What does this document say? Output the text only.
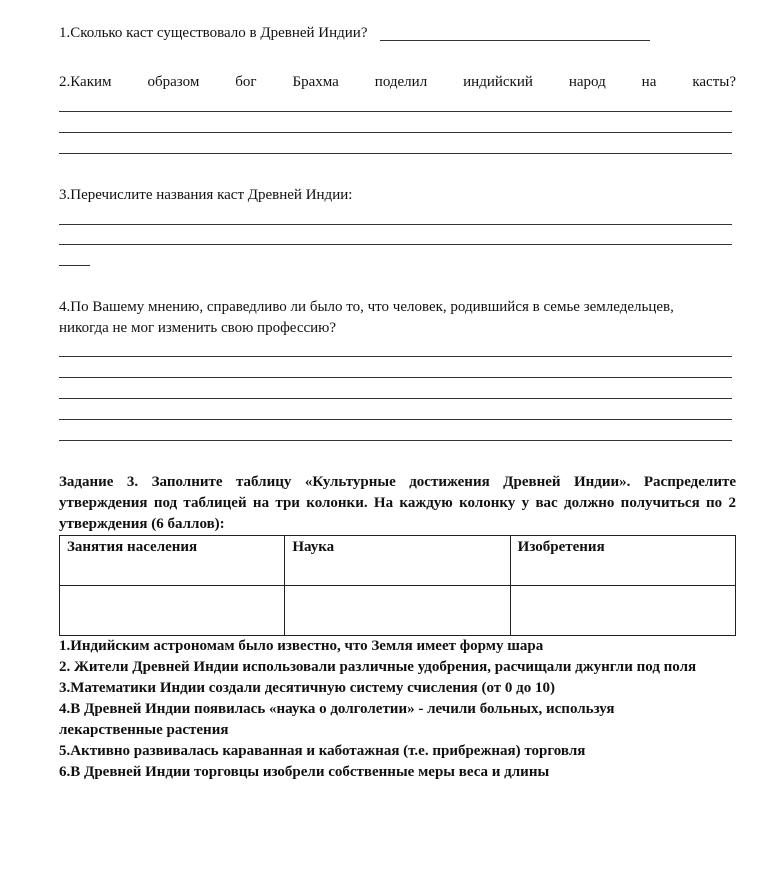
1.Сколько каст существовало в Древней Индии?
2.Каким образом бог Брахма поделил индийский народ на касты?
3.Перечислите названия каст Древней Индии:
4.По Вашему мнению, справедливо ли было то, что человек, родившийся в семье земледельцев,
никогда не мог изменить свою профессию?
Задание 3. Заполните таблицу «Культурные достижения Древней Индии». Распределите
утверждения под таблицей на три колонки. На каждую колонку у вас должно получиться по 2
утверждения (6 баллов):
Занятия населения	Наука	Изобретения

1.Индийским астрономам было известно, что Земля имеет форму шара
2. Жители Древней Индии использовали различные удобрения, расчищали джунгли под поля
3.Математики Индии создали десятичную систему счисления (от 0 до 10)
4.В Древней Индии появилась «наука о долголетии» - лечили больных, используя
лекарственные растения
5.Активно развивалась караванная и каботажная (т.е. прибрежная) торговля
6.В Древней Индии торговцы изобрели собственные меры веса и длины
